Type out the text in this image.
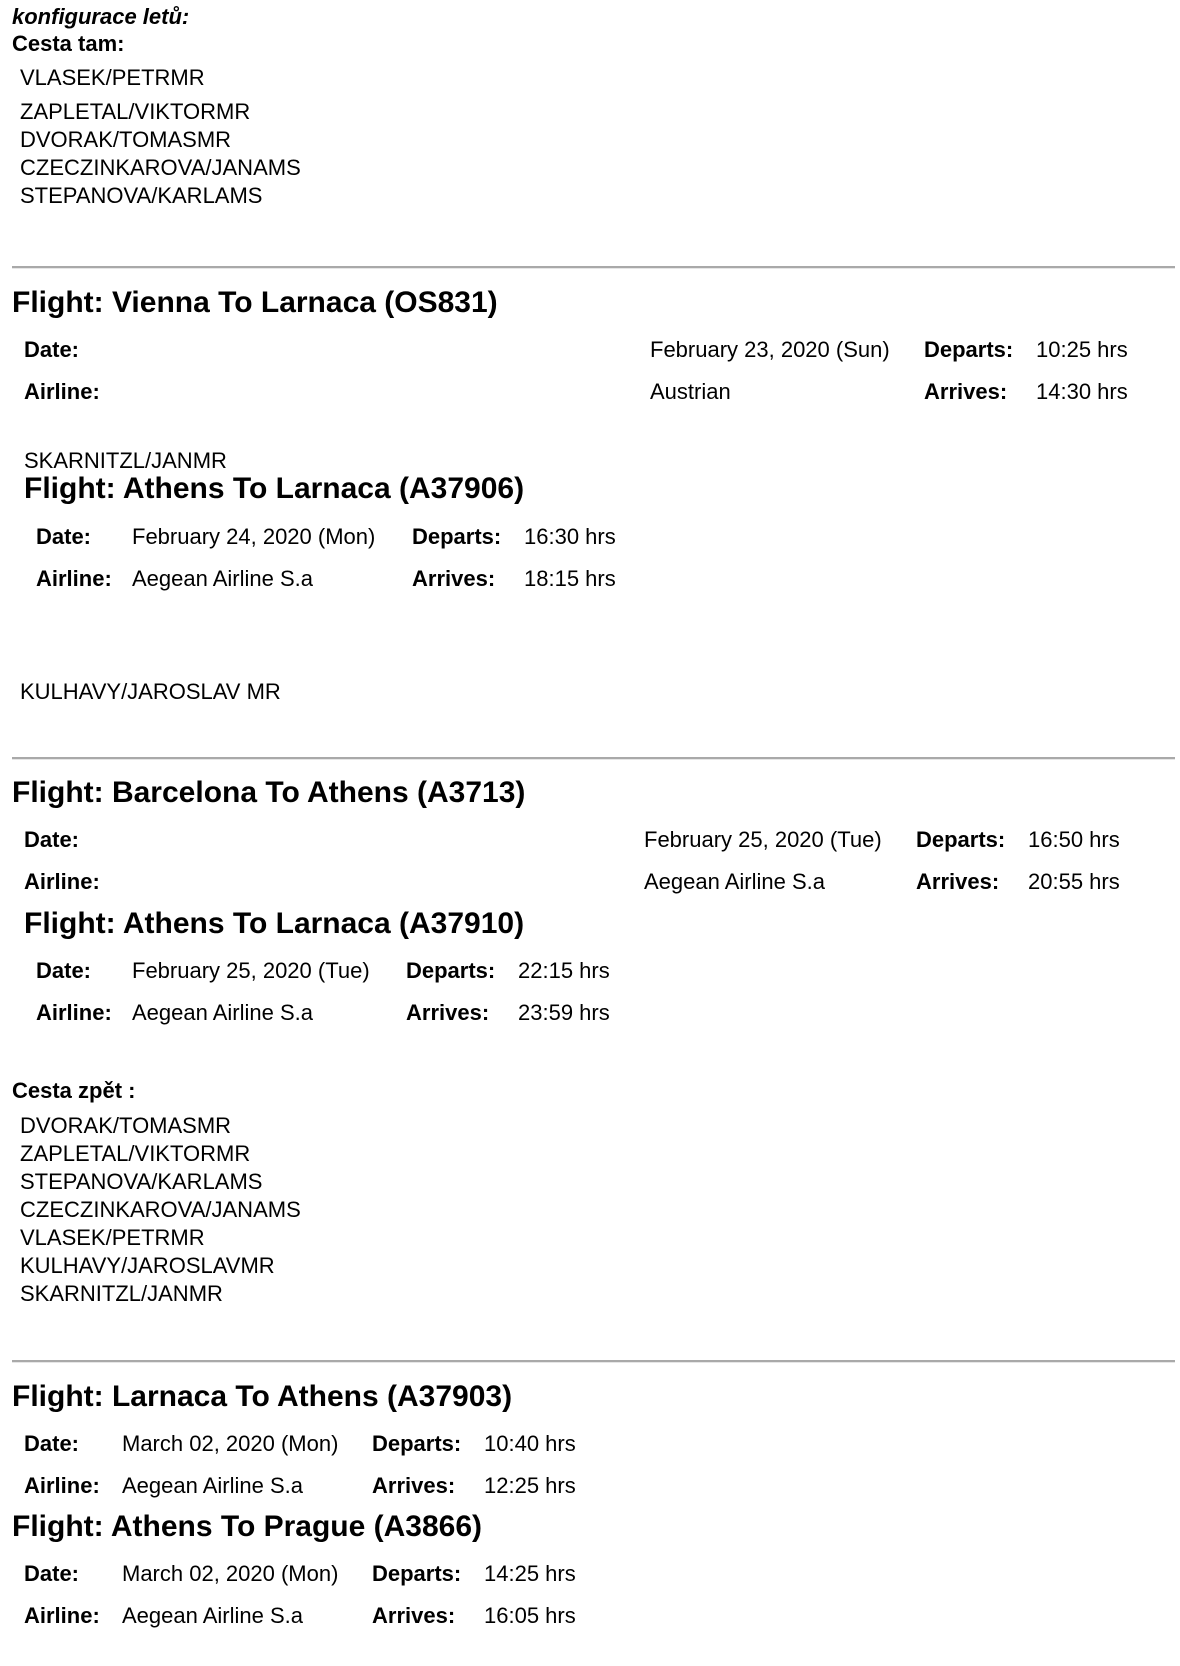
konfigurace letů:
Cesta tam:
VLASEK/PETRMR
ZAPLETAL/VIKTORMR
DVORAK/TOMASMR
CZECZINKAROVA/JANAMS
STEPANOVA/KARLAMS
Flight: Vienna To Larnaca (OS831)
Date:	February 23, 2020 (Sun) Departs: 10:25 hrs
Airline:	Austrian	Arrives: 14:30 hrs
SKARNITZL/JANMR
Flight: Athens To Larnaca (A37906)
Date: February 24, 2020 (Mon) Departs: 16:30 hrs
Airline: Aegean Airline S.a	Arrives: 18:15 hrs
KULHAVY/JAROSLAV MR
Flight: Barcelona To Athens (A3713)
Date:	February 25, 2020 (Tue) Departs: 16:50 hrs
Airline:	Aegean Airline S.a	Arrives: 20:55 hrs
Flight: Athens To Larnaca (A37910)
Date: February 25, 2020 (Tue) Departs: 22:15 hrs
Airline: Aegean Airline S.a	Arrives: 23:59 hrs
Cesta zpět :
DVORAK/TOMASMR
ZAPLETAL/VIKTORMR
STEPANOVA/KARLAMS
CZECZINKAROVA/JANAMS
VLASEK/PETRMR
KULHAVY/JAROSLAVMR
SKARNITZL/JANMR
Flight: Larnaca To Athens (A37903)
Date: March 02, 2020 (Mon) Departs: 10:40 hrs
Airline: Aegean Airline S.a	Arrives: 12:25 hrs
Flight: Athens To Prague (A3866)
Date: March 02, 2020 (Mon) Departs: 14:25 hrs
Airline: Aegean Airline S.a	Arrives: 16:05 hrs
